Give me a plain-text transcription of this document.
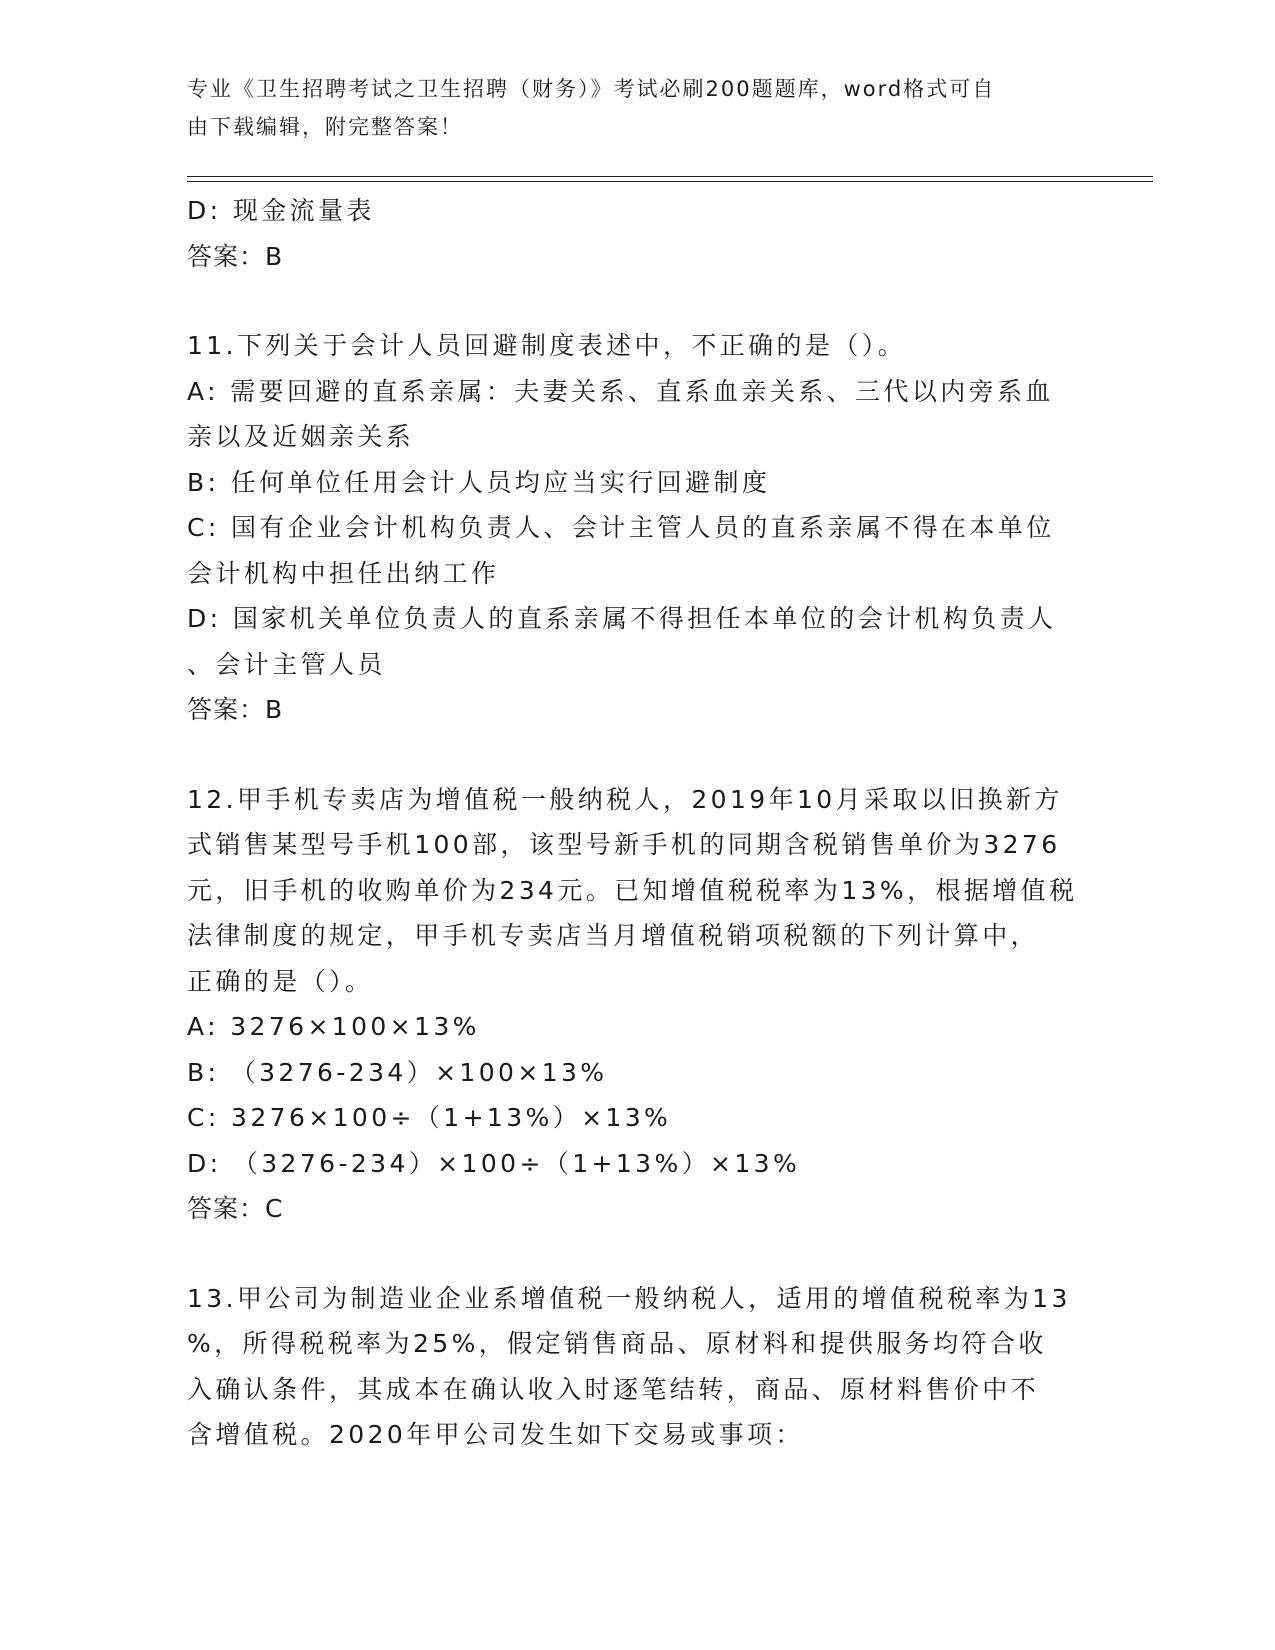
专业《卫生招聘考试之卫生招聘（财务）》考试必刷200题题库，word格式可自
由下载编辑，附完整答案！

D: 现金流量表

答案：B

11.下列关于会计人员回避制度表述中，不正确的是（）。

A: 需要回避的直系亲属：夫妻关系、直系血亲关系、三代以内旁系血

亲以及近姻亲关系

B: 任何单位任用会计人员均应当实行回避制度

C: 国有企业会计机构负责人、会计主管人员的直系亲属不得在本单位

会计机构中担任出纳工作

D: 国家机关单位负责人的直系亲属不得担任本单位的会计机构负责人

、会计主管人员

答案：B

12.甲手机专卖店为增值税一般纳税人，2019年10月采取以旧换新方

式销售某型号手机100部，该型号新手机的同期含税销售单价为3276

元，旧手机的收购单价为234元。已知增值税税率为13%，根据增值税

法律制度的规定，甲手机专卖店当月增值税销项税额的下列计算中，

正确的是（）。

A: 3276×100×13%

B: （3276-234）×100×13%

C: 3276×100÷（1+13%）×13%

D: （3276-234）×100÷（1+13%）×13%

答案：C

13.甲公司为制造业企业系增值税一般纳税人，适用的增值税税率为13

%，所得税税率为25%，假定销售商品、原材料和提供服务均符合收

入确认条件，其成本在确认收入时逐笔结转，商品、原材料售价中不

含增值税。2020年甲公司发生如下交易或事项：
